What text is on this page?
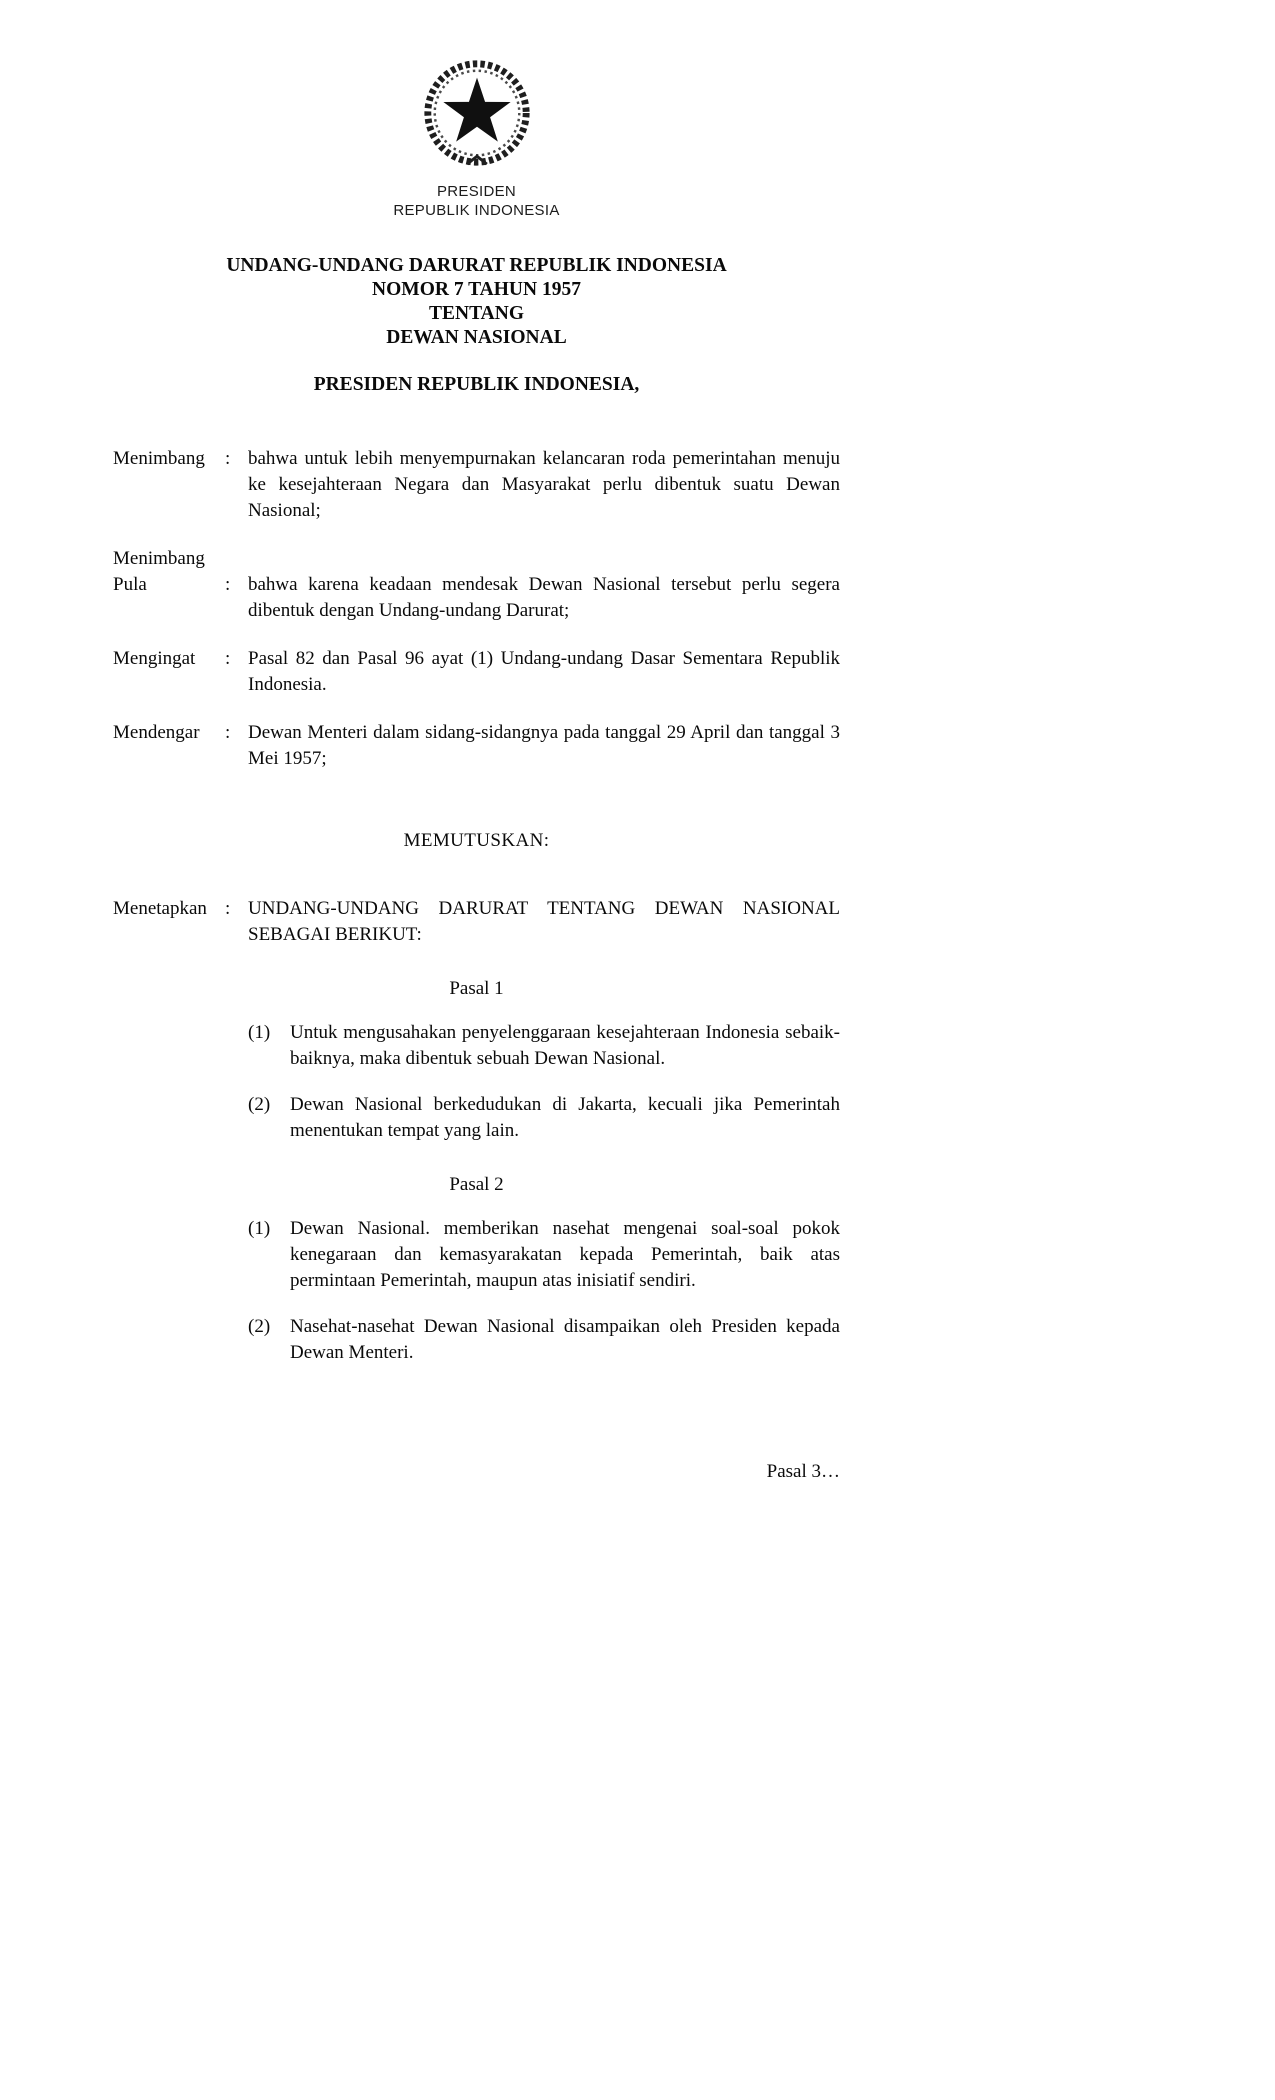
PRESIDEN
REPUBLIK INDONESIA
UNDANG-UNDANG DARURAT REPUBLIK INDONESIA
NOMOR 7 TAHUN 1957
TENTANG
DEWAN NASIONAL

PRESIDEN REPUBLIK INDONESIA,

Menimbang	: bahwa untuk lebih menyempurnakan kelancaran roda pemerintahan menuju ke kesejahteraan Negara dan Masyarakat perlu dibentuk suatu Dewan Nasional;
Menimbang Pula	: bahwa karena keadaan mendesak Dewan Nasional tersebut perlu segera dibentuk dengan Undang-undang Darurat;
Mengingat	: Pasal 82 dan Pasal 96 ayat (1) Undang-undang Dasar Sementara Republik Indonesia.
Mendengar	: Dewan Menteri dalam sidang-sidangnya pada tanggal 29 April dan tanggal 3 Mei 1957;

MEMUTUSKAN:

Menetapkan : UNDANG-UNDANG DARURAT TENTANG DEWAN NASIONAL SEBAGAI BERIKUT:

Pasal 1

(1)	Untuk mengusahakan penyelenggaraan kesejahteraan Indonesia sebaik-baiknya, maka dibentuk sebuah Dewan Nasional.
(2)	Dewan Nasional berkedudukan di Jakarta, kecuali jika Pemerintah menentukan tempat yang lain.

Pasal 2

(1)	Dewan Nasional. memberikan nasehat mengenai soal-soal pokok kenegaraan dan kemasyarakatan kepada Pemerintah, baik atas permintaan Pemerintah, maupun atas inisiatif sendiri.
(2)	Nasehat-nasehat Dewan Nasional disampaikan oleh Presiden kepada Dewan Menteri.

Pasal 3…
